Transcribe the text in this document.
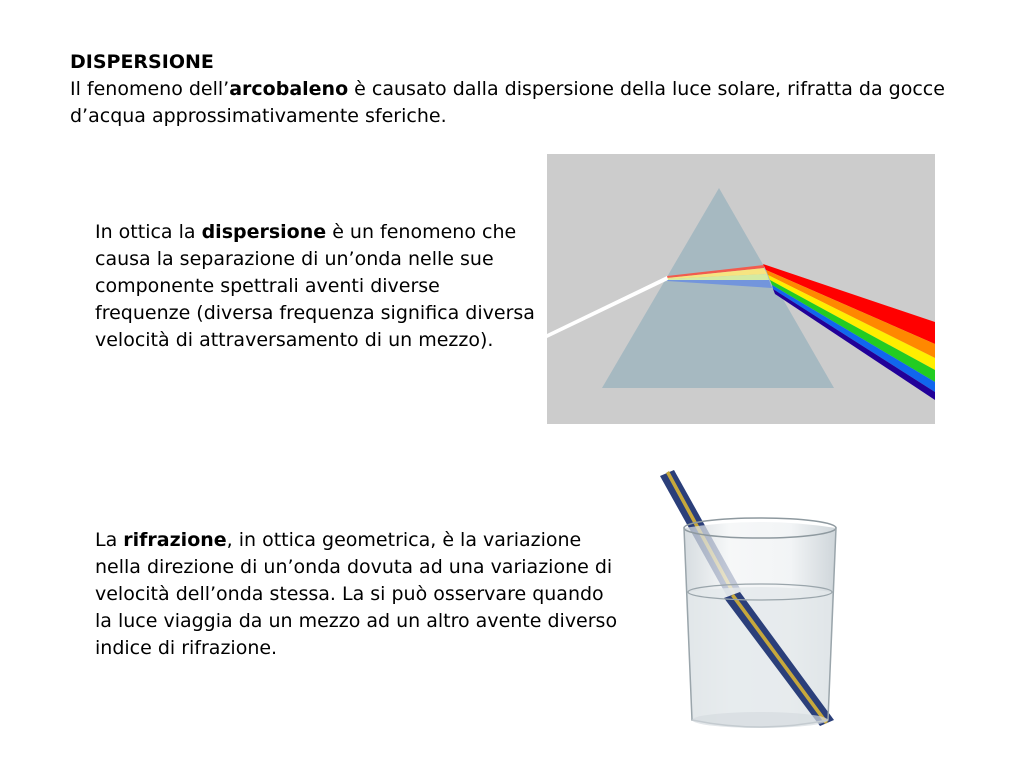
DISPERSIONE
Il fenomeno dell’arcobaleno è causato dalla dispersione della luce solare, rifratta da gocce d’acqua approssimativamente sferiche.
In ottica la dispersione è un fenomeno che causa la separazione di un’onda nelle sue componente spettrali aventi diverse frequenze (diversa frequenza significa diversa velocità di attraversamento di un mezzo).
La rifrazione, in ottica geometrica, è la variazione nella direzione di un’onda dovuta ad una variazione di velocità dell’onda stessa. La si può osservare quando la luce viaggia da un mezzo ad un altro avente diverso indice di rifrazione.
